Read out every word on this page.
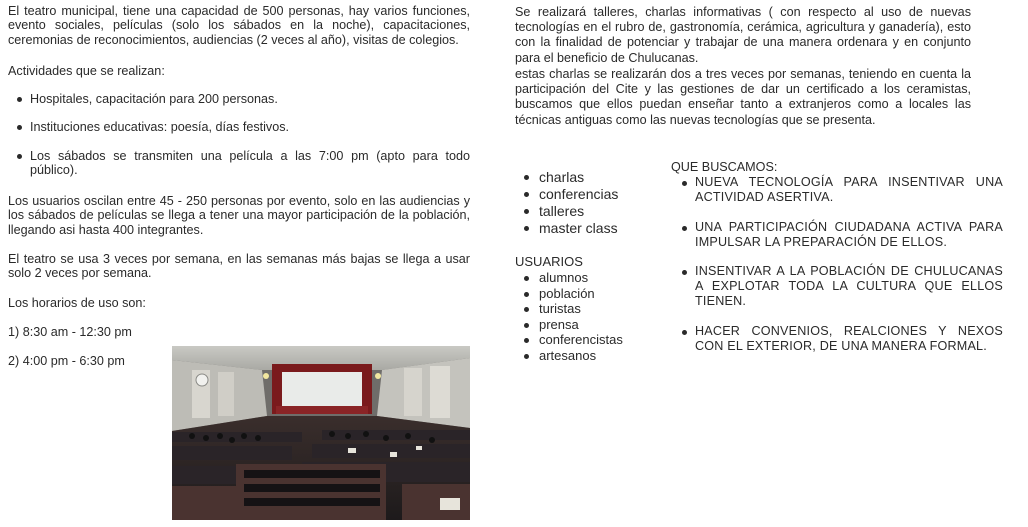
El teatro municipal, tiene una capacidad de 500 personas, hay varios funciones, evento sociales, películas (solo los sábados en la noche), capacitaciones, ceremonias de reconocimientos, audiencias (2 veces al año), visitas de colegios.

Actividades que se realizan:
Hospitales, capacitación para 200 personas.
Instituciones educativas: poesía, días festivos.
Los sábados se transmiten una película a las 7:00 pm (apto para todo público).

Los usuarios oscilan entre 45 - 250 personas por evento, solo en las audiencias y los sábados de películas se llega a tener una mayor participación de la población, llegando asi hasta 400 integrantes.

El teatro se usa 3 veces por semana, en las semanas más bajas se llega a usar solo 2 veces por semana.

Los horarios de uso son:
1) 8:30 am - 12:30 pm
2) 4:00 pm - 6:30 pm

Se realizará talleres, charlas informativas ( con respecto al uso de nuevas tecnologías en el rubro de, gastronomía, cerámica, agricultura y ganadería), esto con la finalidad de potenciar y trabajar de una manera ordenara y en conjunto para el beneficio de Chulucanas.

estas charlas se realizarán dos a tres veces por semanas, teniendo en cuenta la participación del Cite y las gestiones de dar un certificado a los ceramistas, buscamos que ellos puedan enseñar tanto a extranjeros como a locales las técnicas antiguas como las nuevas tecnologías que se presenta.

charlas
conferencias
talleres
master class
USUARIOS
alumnos
población
turistas
prensa
conferencistas
artesanos
QUE BUSCAMOS:
NUEVA TECNOLOGÍA PARA INSENTIVAR UNA ACTIVIDAD ASERTIVA.
UNA PARTICIPACIÓN CIUDADANA ACTIVA PARA IMPULSAR LA PREPARACIÓN DE ELLOS.
INSENTIVAR A LA POBLACIÓN DE CHULUCANAS A EXPLOTAR TODA LA CULTURA QUE ELLOS TIENEN.
HACER CONVENIOS, REALCIONES Y NEXOS CON EL EXTERIOR, DE UNA MANERA FORMAL.
